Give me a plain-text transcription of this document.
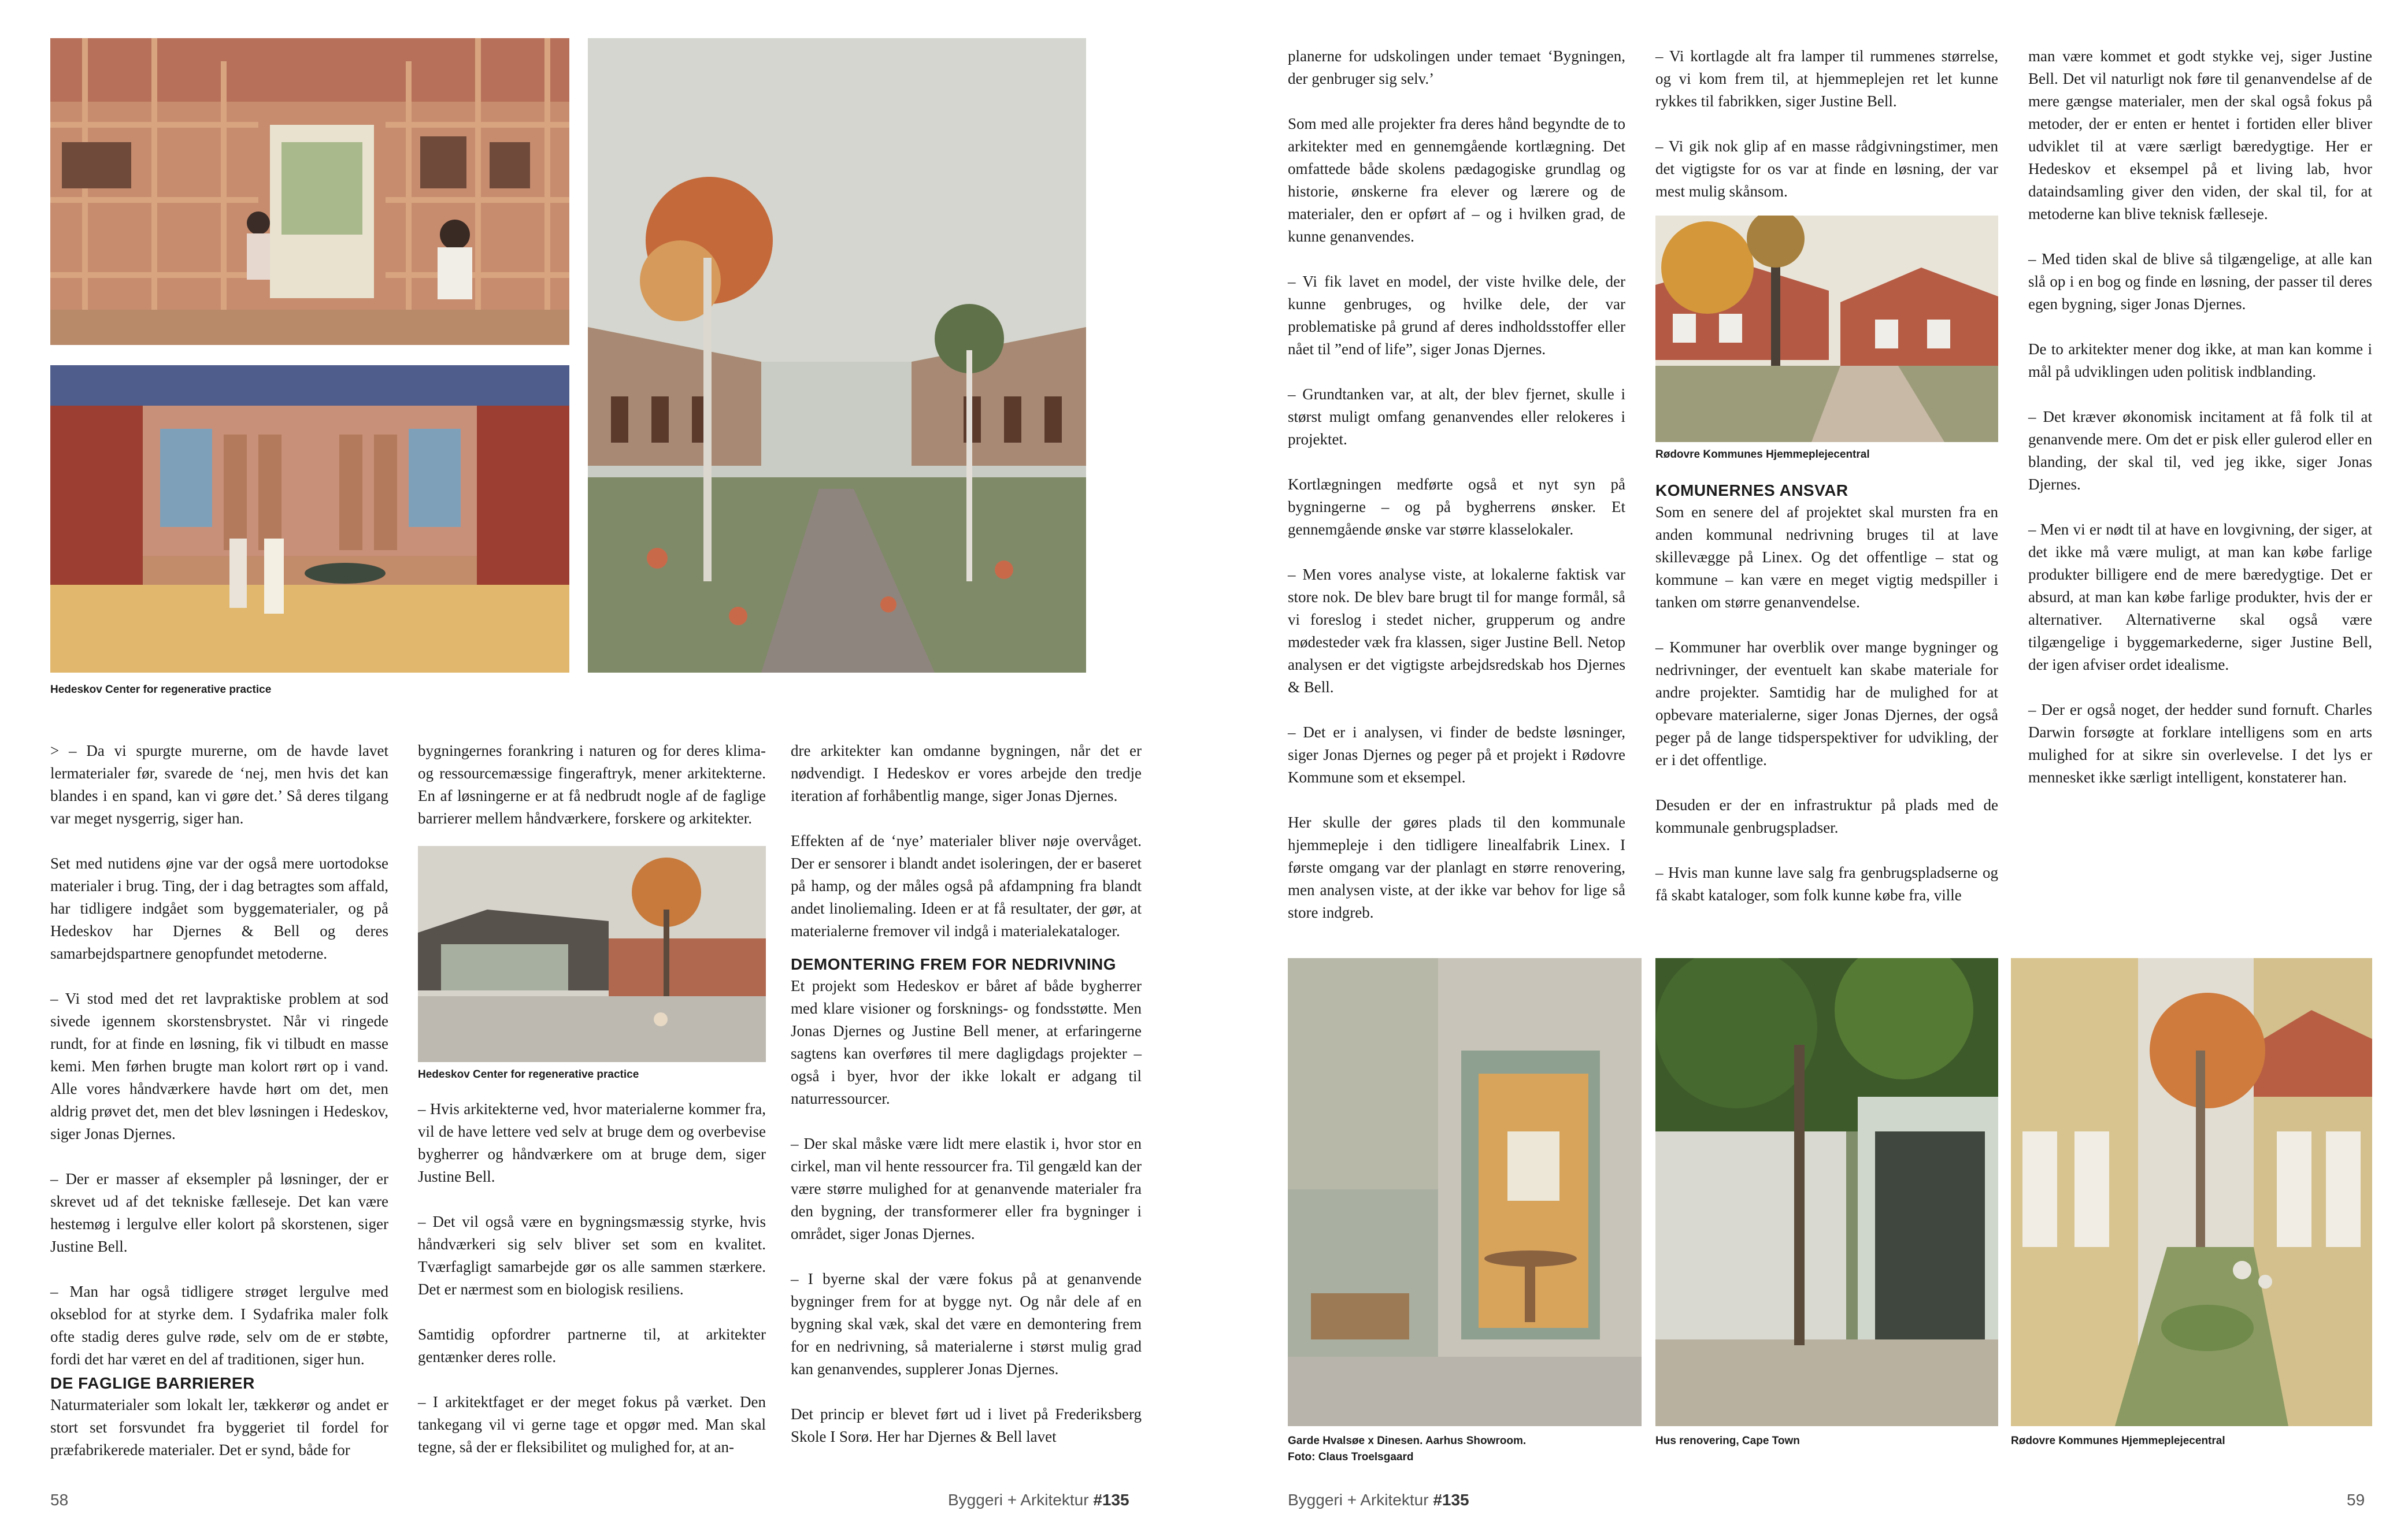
Hedeskov Center for regenerative practice

> – Da vi spurgte murerne, om de havde lavet lermaterialer før, svarede de ‘nej, men hvis det kan blandes i en spand, kan vi gøre det.’ Så deres tilgang var meget nysgerrig, siger han.

Set med nutidens øjne var der også mere uortodokse materialer i brug. Ting, der i dag betragtes som affald, har tidligere indgået som byggematerialer, og på Hedeskov har Djernes & Bell og deres samarbejdspartnere genopfundet metoderne.

– Vi stod med det ret lavpraktiske problem at sod sivede igennem skorstensbrystet. Når vi ringede rundt, for at finde en løsning, fik vi tilbudt en masse kemi. Men førhen brugte man kolort rørt op i vand. Alle vores håndværkere havde hørt om det, men aldrig prøvet det, men det blev løsningen i Hedeskov, siger Jonas Djernes.

– Der er masser af eksempler på løsninger, der er skrevet ud af det tekniske fælleseje. Det kan være hestemøg i lergulve eller kolort på skorstenen, siger Justine Bell.

– Man har også tidligere strøget lergulve med okseblod for at styrke dem. I Sydafrika maler folk ofte stadig deres gulve røde, selv om de er støbte, fordi det har været en del af traditionen, siger hun.

DE FAGLIGE BARRIERER

Naturmaterialer som lokalt ler, tækkerør og andet er stort set forsvundet fra byggeriet til fordel for præfabrikerede materialer. Det er synd, både for

bygningernes forankring i naturen og for deres klima- og ressourcemæssige fingeraftryk, mener arkitekterne. En af løsningerne er at få nedbrudt nogle af de faglige barrierer mellem håndværkere, forskere og arkitekter.

Hedeskov Center for regenerative practice

– Hvis arkitekterne ved, hvor materialerne kommer fra, vil de have lettere ved selv at bruge dem og overbevise bygherrer og håndværkere om at bruge dem, siger Justine Bell.

– Det vil også være en bygningsmæssig styrke, hvis håndværkeri sig selv bliver set som en kvalitet. Tværfagligt samarbejde gør os alle sammen stærkere. Det er nærmest som en biologisk resiliens.

Samtidig opfordrer partnerne til, at arkitekter gentænker deres rolle.

– I arkitektfaget er der meget fokus på værket. Den tankegang vil vi gerne tage et opgør med. Man skal tegne, så der er fleksibilitet og mulighed for, at an-

dre arkitekter kan omdanne bygningen, når det er nødvendigt. I Hedeskov er vores arbejde den tredje iteration af forhåbentlig mange, siger Jonas Djernes.

Effekten af de ‘nye’ materialer bliver nøje overvåget. Der er sensorer i blandt andet isoleringen, der er baseret på hamp, og der måles også på afdampning fra blandt andet linoliemaling. Ideen er at få resultater, der gør, at materialerne fremover vil indgå i materialekataloger.

DEMONTERING FREM FOR NEDRIVNING

Et projekt som Hedeskov er båret af både bygherrer med klare visioner og forsknings- og fondsstøtte. Men Jonas Djernes og Justine Bell mener, at erfaringerne sagtens kan overføres til mere dagligdags projekter – også i byer, hvor der ikke lokalt er adgang til naturressourcer.

– Der skal måske være lidt mere elastik i, hvor stor en cirkel, man vil hente ressourcer fra. Til gengæld kan der være større mulighed for at genanvende materialer fra den bygning, der transformerer eller fra bygninger i området, siger Jonas Djernes.

– I byerne skal der være fokus på at genanvende bygninger frem for at bygge nyt. Og når dele af en bygning skal væk, skal det være en demontering frem for en nedrivning, så materialerne i størst mulig grad kan genanvendes, supplerer Jonas Djernes.

Det princip er blevet ført ud i livet på Frederiksberg Skole I Sorø. Her har Djernes & Bell lavet

58	Byggeri + Arkitektur #135

planerne for udskolingen under temaet ‘Bygningen, der genbruger sig selv.’

Som med alle projekter fra deres hånd begyndte de to arkitekter med en gennemgående kortlægning. Det omfattede både skolens pædagogiske grundlag og historie, ønskerne fra elever og lærere og de materialer, den er opført af – og i hvilken grad, de kunne genanvendes.

– Vi fik lavet en model, der viste hvilke dele, der kunne genbruges, og hvilke dele, der var problematiske på grund af deres indholdsstoffer eller nået til ”end of life”, siger Jonas Djernes.

– Grundtanken var, at alt, der blev fjernet, skulle i størst muligt omfang genanvendes eller relokeres i projektet.

Kortlægningen medførte også et nyt syn på bygningerne – og på bygherrens ønsker. Et gennemgående ønske var større klasselokaler.

– Men vores analyse viste, at lokalerne faktisk var store nok. De blev bare brugt til for mange formål, så vi foreslog i stedet nicher, grupperum og andre mødesteder væk fra klassen, siger Justine Bell. Netop analysen er det vigtigste arbejdsredskab hos Djernes & Bell.

– Det er i analysen, vi finder de bedste løsninger, siger Jonas Djernes og peger på et projekt i Rødovre Kommune som et eksempel.

Her skulle der gøres plads til den kommunale hjemmepleje i den tidligere linealfabrik Linex. I første omgang var der planlagt en større renovering, men analysen viste, at der ikke var behov for lige så store indgreb.

– Vi kortlagde alt fra lamper til rummenes størrelse, og vi kom frem til, at hjemmeplejen ret let kunne rykkes til fabrikken, siger Justine Bell.

– Vi gik nok glip af en masse rådgivningstimer, men det vigtigste for os var at finde en løsning, der var mest mulig skånsom.

Rødovre Kommunes Hjemmeplejecentral
KOMUNERNES ANSVAR

Som en senere del af projektet skal mursten fra en anden kommunal nedrivning bruges til at lave skillevægge på Linex. Og det offentlige – stat og kommune – kan være en meget vigtig medspiller i tanken om større genanvendelse.

– Kommuner har overblik over mange bygninger og nedrivninger, der eventuelt kan skabe materiale for andre projekter. Samtidig har de mulighed for at opbevare materialerne, siger Jonas Djernes, der også peger på de lange tidsperspektiver for udvikling, der er i det offentlige.

Desuden er der en infrastruktur på plads med de kommunale genbrugspladser.

– Hvis man kunne lave salg fra genbrugspladserne og få skabt kataloger, som folk kunne købe fra, ville

man være kommet et godt stykke vej, siger Justine Bell. Det vil naturligt nok føre til genanvendelse af de mere gængse materialer, men der skal også fokus på metoder, der er enten er hentet i fortiden eller bliver udviklet til at være særligt bæredygtige. Her er Hedeskov et eksempel på et living lab, hvor dataindsamling giver den viden, der skal til, for at metoderne kan blive teknisk fælleseje.

– Med tiden skal de blive så tilgængelige, at alle kan slå op i en bog og finde en løsning, der passer til deres egen bygning, siger Jonas Djernes.

De to arkitekter mener dog ikke, at man kan komme i mål på udviklingen uden politisk indblanding.

– Det kræver økonomisk incitament at få folk til at genanvende mere. Om det er pisk eller gulerod eller en blanding, der skal til, ved jeg ikke, siger Jonas Djernes.

– Men vi er nødt til at have en lovgivning, der siger, at det ikke må være muligt, at man kan købe farlige produkter billigere end de mere bæredygtige. Det er absurd, at man kan købe farlige produkter, hvis der er alternativer. Alternativerne skal også være tilgængelige i byggemarkederne, siger Justine Bell, der igen afviser ordet idealisme.

– Der er også noget, der hedder sund fornuft. Charles Darwin forsøgte at forklare intelligens som en arts mulighed for at sikre sin overlevelse. I det lys er mennesket ikke særligt intelligent, konstaterer han.

Garde Hvalsøe x Dinesen. Aarhus Showroom.
Foto: Claus Troelsgaard
Hus renovering, Cape Town	Rødovre Kommunes Hjemmeplejecentral
Byggeri + Arkitektur #135	59
